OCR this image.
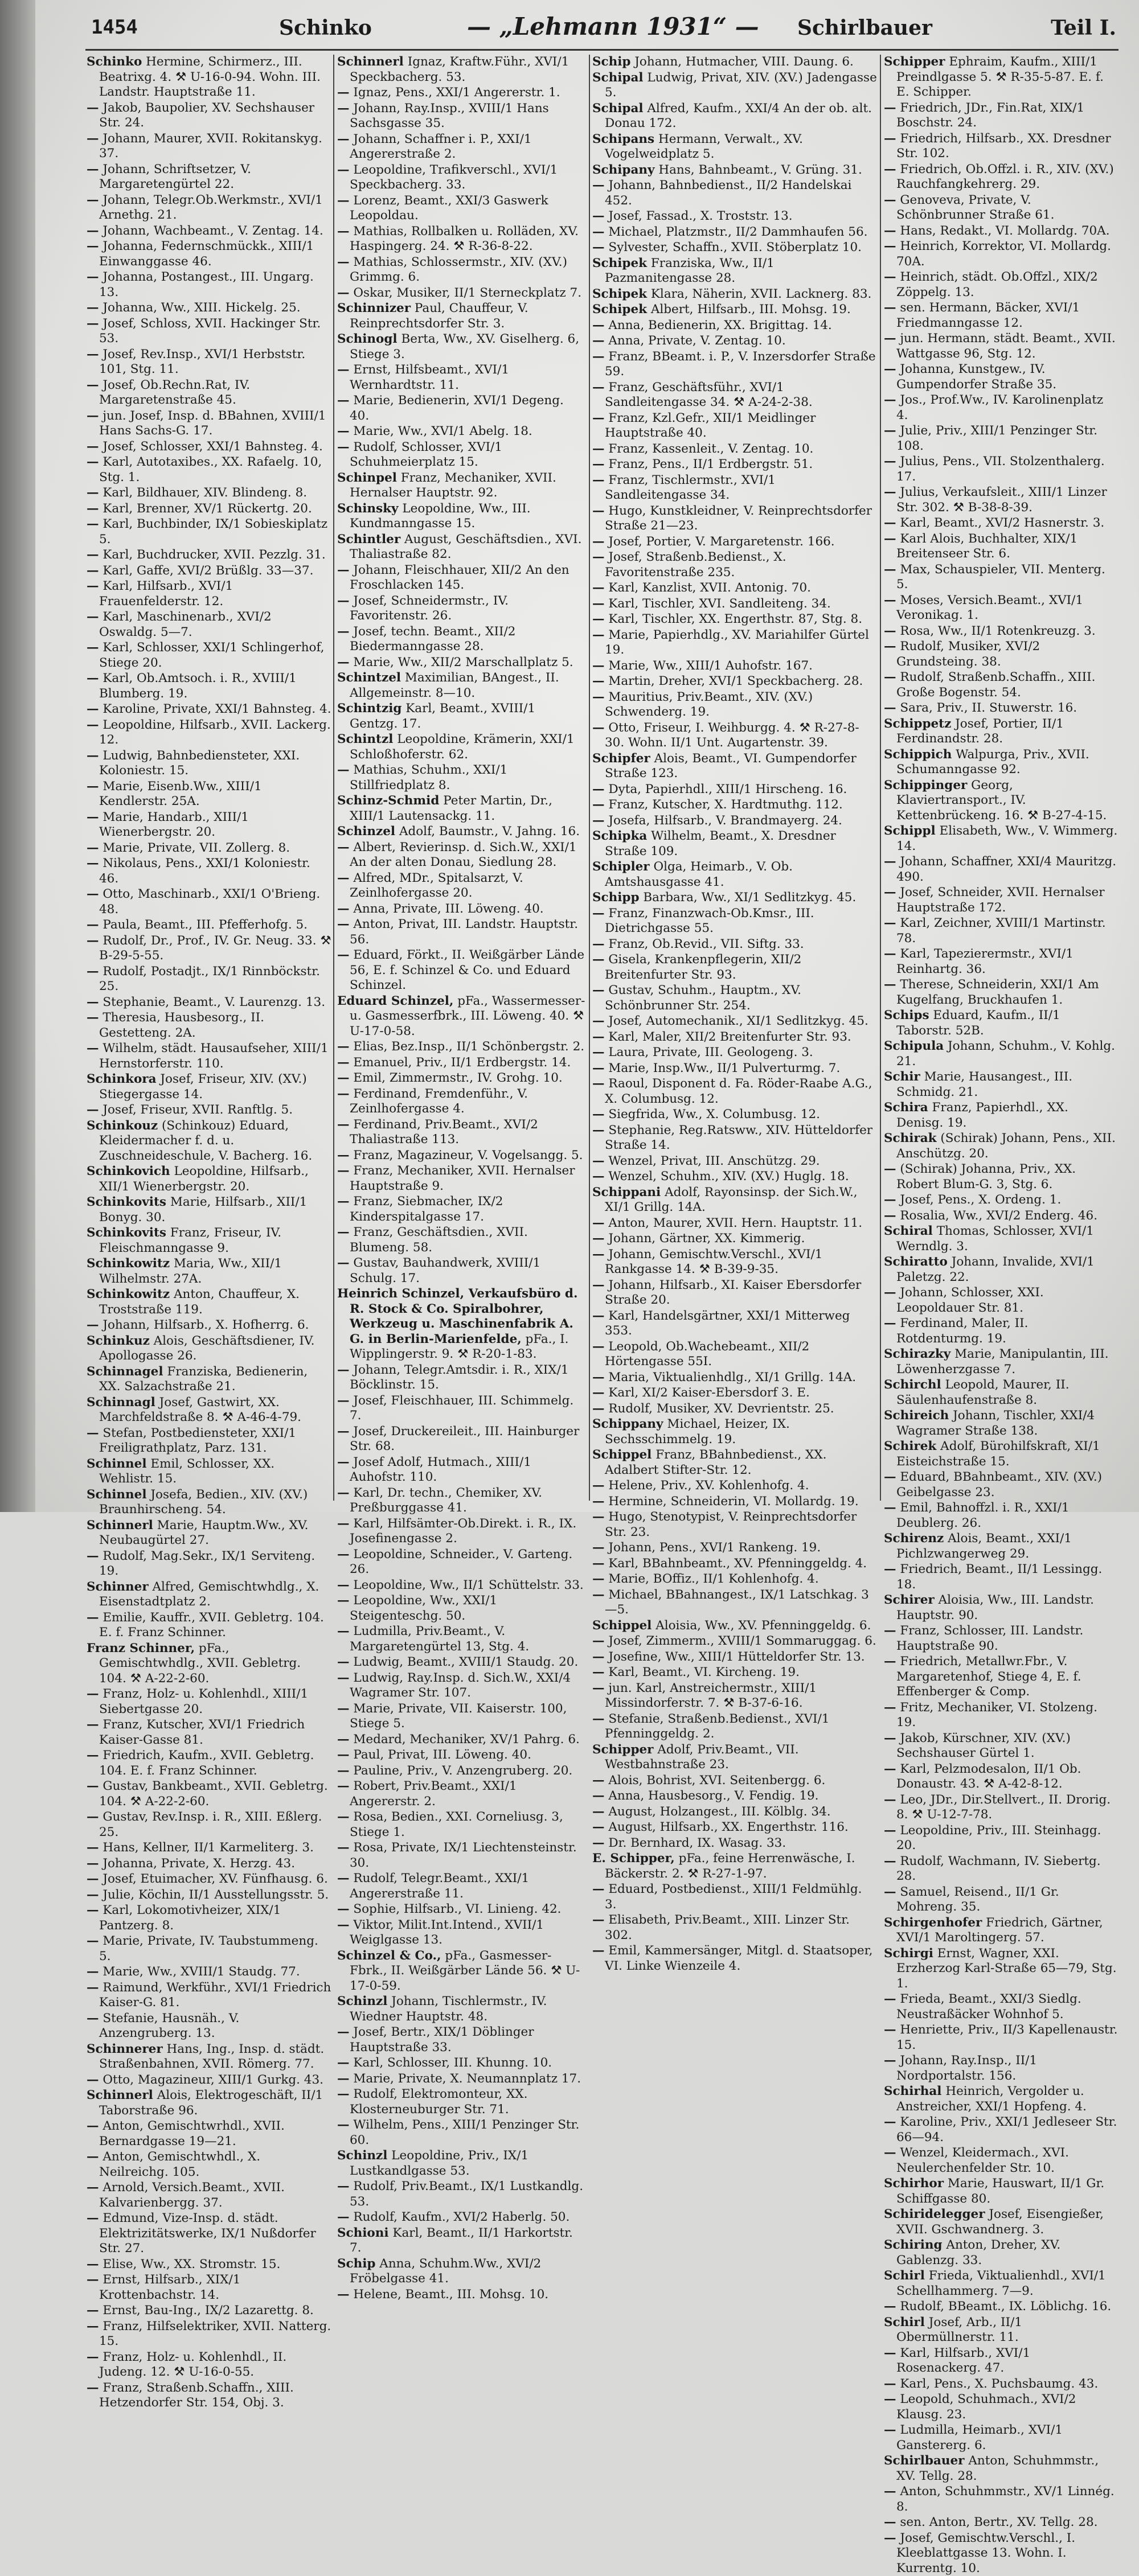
1454	Schinko	— „Lehmann 1931“ — Schirlbauer	Teil I.
Schinko Hermine, Schirmerz., III. Beatrixg. 4. ⚒ U-16-0-94. Wohn. III. Landstr. Hauptstraße 11.
— Jakob, Baupolier, XV. Sechshauser Str. 24.
— Johann, Maurer, XVII. Rokitanskyg. 37.
— Johann, Schriftsetzer, V. Margaretengürtel 22.
— Johann, Telegr.Ob.Werkmstr., XVI/1 Arnethg. 21.
— Johann, Wachbeamt., V. Zentag. 14.
— Johanna, Federnschmückk., XIII/1 Einwanggasse 46.
— Johanna, Postangest., III. Ungarg. 13.
— Johanna, Ww., XIII. Hickelg. 25.
— Josef, Schloss, XVII. Hackinger Str. 53.
— Josef, Rev.Insp., XVI/1 Herbststr. 101, Stg. 11.
— Josef, Ob.Rechn.Rat, IV. Margaretenstraße 45.
— jun. Josef, Insp. d. BBahnen, XVIII/1 Hans Sachs-G. 17.
— Josef, Schlosser, XXI/1 Bahnsteg. 4.
— Karl, Autotaxibes., XX. Rafaelg. 10, Stg. 1.
— Karl, Bildhauer, XIV. Blindeng. 8.
— Karl, Brenner, XV/1 Rückertg. 20.
— Karl, Buchbinder, IX/1 Sobieskiplatz 5.
— Karl, Buchdrucker, XVII. Pezzlg. 31.
— Karl, Gaffe, XVI/2 Brüßlg. 33—37.
— Karl, Hilfsarb., XVI/1 Frauenfelderstr. 12.
— Karl, Maschinenarb., XVI/2 Oswaldg. 5—7.
— Karl, Schlosser, XXI/1 Schlingerhof, Stiege 20.
— Karl, Ob.Amtsoch. i. R., XVIII/1 Blumberg. 19.
— Karoline, Private, XXI/1 Bahnsteg. 4.
— Leopoldine, Hilfsarb., XVII. Lackerg. 12.
— Ludwig, Bahnbediensteter, XXI. Koloniestr. 15.
— Marie, Eisenb.Ww., XIII/1 Kendlerstr. 25A.
— Marie, Handarb., XIII/1 Wienerbergstr. 20.
— Marie, Private, VII. Zollerg. 8.
— Nikolaus, Pens., XXI/1 Koloniestr. 46.
— Otto, Maschinarb., XXI/1 O'Brieng. 48.
— Paula, Beamt., III. Pfefferhofg. 5.
— Rudolf, Dr., Prof., IV. Gr. Neug. 33. ⚒ B-29-5-55.
— Rudolf, Postadjt., IX/1 Rinnböckstr. 25.
— Stephanie, Beamt., V. Laurenzg. 13.
— Theresia, Hausbesorg., II. Gestetteng. 2A.
— Wilhelm, städt. Hausaufseher, XIII/1 Hernstorferstr. 110.
Schinkora Josef, Friseur, XIV. (XV.) Stiegergasse 14.
— Josef, Friseur, XVII. Ranftlg. 5.
Schinkouz (Schinkouz) Eduard, Kleidermacher f. d. u. Zuschneideschule, V. Bacherg. 16.
Schinkovich Leopoldine, Hilfsarb., XII/1 Wienerbergstr. 20.
Schinkovits Marie, Hilfsarb., XII/1 Bonyg. 30.
Schinkovits Franz, Friseur, IV. Fleischmanngasse 9.
Schinkowitz Maria, Ww., XII/1 Wilhelmstr. 27A.
Schinkowitz Anton, Chauffeur, X. Troststraße 119.
— Johann, Hilfsarb., X. Hofherrg. 6.
Schinkuz Alois, Geschäftsdiener, IV. Apollogasse 26.
Schinnagel Franziska, Bedienerin, XX. Salzachstraße 21.
Schinnagl Josef, Gastwirt, XX. Marchfeldstraße 8. ⚒ A-46-4-79.
— Stefan, Postbediensteter, XXI/1 Freiligrathplatz, Parz. 131.
Schinnel Emil, Schlosser, XX. Wehlistr. 15.
Schinnel Josefa, Bedien., XIV. (XV.) Braunhirscheng. 54.
Schinnerl Marie, Hauptm.Ww., XV. Neubaugürtel 27.
— Rudolf, Mag.Sekr., IX/1 Serviteng. 19.
Schinner Alfred, Gemischtwhdlg., X. Eisenstadtplatz 2.
— Emilie, Kauffr., XVII. Gebletrg. 104. E. f. Franz Schinner.
Franz Schinner, pFa., Gemischtwhdlg., XVII. Gebletrg. 104. ⚒ A-22-2-60.
— Franz, Holz- u. Kohlenhdl., XIII/1 Siebertgasse 20.
— Franz, Kutscher, XVI/1 Friedrich Kaiser-Gasse 81.
— Friedrich, Kaufm., XVII. Gebletrg. 104. E. f. Franz Schinner.
— Gustav, Bankbeamt., XVII. Gebletrg. 104. ⚒ A-22-2-60.
— Gustav, Rev.Insp. i. R., XIII. Eßlerg. 25.
— Hans, Kellner, II/1 Karmeliterg. 3.
— Johanna, Private, X. Herzg. 43.
— Josef, Etuimacher, XV. Fünfhausg. 6.
— Julie, Köchin, II/1 Ausstellungsstr. 5.
— Karl, Lokomotivheizer, XIX/1 Pantzerg. 8.
— Marie, Private, IV. Taubstummeng. 5.
— Marie, Ww., XVIII/1 Staudg. 77.
— Raimund, Werkführ., XVI/1 Friedrich Kaiser-G. 81.
— Stefanie, Hausnäh., V. Anzengruberg. 13.
Schinnerer Hans, Ing., Insp. d. städt. Straßenbahnen, XVII. Römerg. 77.
— Otto, Magazineur, XIII/1 Gurkg. 43.
Schinnerl Alois, Elektrogeschäft, II/1 Taborstraße 96.
— Anton, Gemischtwrhdl., XVII. Bernardgasse 19—21.
— Anton, Gemischtwhdl., X. Neilreichg. 105.
— Arnold, Versich.Beamt., XVII. Kalvarienbergg. 37.
— Edmund, Vize-Insp. d. städt. Elektrizitätswerke, IX/1 Nußdorfer Str. 27.
— Elise, Ww., XX. Stromstr. 15.
— Ernst, Hilfsarb., XIX/1 Krottenbachstr. 14.
— Ernst, Bau-Ing., IX/2 Lazarettg. 8.
— Franz, Hilfselektriker, XVII. Natterg. 15.
— Franz, Holz- u. Kohlenhdl., II. Judeng. 12. ⚒ U-16-0-55.
— Franz, Straßenb.Schaffn., XIII. Hetzendorfer Str. 154, Obj. 3.
Schinnerl Ignaz, Kraftw.Führ., XVI/1 Speckbacherg. 53.
— Ignaz, Pens., XXI/1 Angererstr. 1.
— Johann, Ray.Insp., XVIII/1 Hans Sachsgasse 35.
— Johann, Schaffner i. P., XXI/1 Angererstraße 2.
— Leopoldine, Trafikverschl., XVI/1 Speckbacherg. 33.
— Lorenz, Beamt., XXI/3 Gaswerk Leopoldau.
— Mathias, Rollbalken u. Rolläden, XV. Haspingerg. 24. ⚒ R-36-8-22.
— Mathias, Schlossermstr., XIV. (XV.) Grimmg. 6.
— Oskar, Musiker, II/1 Sterneckplatz 7.
Schinnizer Paul, Chauffeur, V. Reinprechtsdorfer Str. 3.
Schinogl Berta, Ww., XV. Giselherg. 6, Stiege 3.
— Ernst, Hilfsbeamt., XVI/1 Wernhardtstr. 11.
— Marie, Bedienerin, XVI/1 Degeng. 40.
— Marie, Ww., XVI/1 Abelg. 18.
— Rudolf, Schlosser, XVI/1 Schuhmeierplatz 15.
Schinpel Franz, Mechaniker, XVII. Hernalser Hauptstr. 92.
Schinsky Leopoldine, Ww., III. Kundmanngasse 15.
Schintler August, Geschäftsdien., XVI. Thaliastraße 82.
— Johann, Fleischhauer, XII/2 An den Froschlacken 145.
— Josef, Schneidermstr., IV. Favoritenstr. 26.
— Josef, techn. Beamt., XII/2 Biedermanngasse 28.
— Marie, Ww., XII/2 Marschallplatz 5.
Schintzel Maximilian, BAngest., II. Allgemeinstr. 8—10.
Schintzig Karl, Beamt., XVIII/1 Gentzg. 17.
Schintzl Leopoldine, Krämerin, XXI/1 Schloßhoferstr. 62.
— Mathias, Schuhm., XXI/1 Stillfriedplatz 8.
Schinz-Schmid Peter Martin, Dr., XIII/1 Lautensackg. 11.
Schinzel Adolf, Baumstr., V. Jahng. 16.
— Albert, Revierinsp. d. Sich.W., XXI/1 An der alten Donau, Siedlung 28.
— Alfred, MDr., Spitalsarzt, V. Zeinlhofergasse 20.
— Anna, Private, III. Löweng. 40.
— Anton, Privat, III. Landstr. Hauptstr. 56.
— Eduard, Förkt., II. Weißgärber Lände 56, E. f. Schinzel & Co. und Eduard Schinzel.
Eduard Schinzel, pFa., Wassermesser- u. Gasmesserfbrk., III. Löweng. 40. ⚒ U-17-0-58.
— Elias, Bez.Insp., II/1 Schönbergstr. 2.
— Emanuel, Priv., II/1 Erdbergstr. 14.
— Emil, Zimmermstr., IV. Grohg. 10.
— Ferdinand, Fremdenführ., V. Zeinlhofergasse 4.
— Ferdinand, Priv.Beamt., XVI/2 Thaliastraße 113.
— Franz, Magazineur, V. Vogelsangg. 5.
— Franz, Mechaniker, XVII. Hernalser Hauptstraße 9.
— Franz, Siebmacher, IX/2 Kinderspitalgasse 17.
— Franz, Geschäftsdien., XVII. Blumeng. 58.
— Gustav, Bauhandwerk, XVIII/1 Schulg. 17.
Heinrich Schinzel, Verkaufsbüro d. R. Stock & Co. Spiralbohrer, Werkzeug u. Maschinenfabrik A. G. in Berlin-Marienfelde, pFa., I. Wipplingerstr. 9. ⚒ R-20-1-83.
— Johann, Telegr.Amtsdir. i. R., XIX/1 Böcklinstr. 15.
— Josef, Fleischhauer, III. Schimmelg. 7.
— Josef, Druckereileit., III. Hainburger Str. 68.
— Josef Adolf, Hutmach., XIII/1 Auhofstr. 110.
— Karl, Dr. techn., Chemiker, XV. Preßburggasse 41.
— Karl, Hilfsämter-Ob.Direkt. i. R., IX. Josefinengasse 2.
— Leopoldine, Schneider., V. Garteng. 26.
— Leopoldine, Ww., II/1 Schüttelstr. 33.
— Leopoldine, Ww., XXI/1 Steigenteschg. 50.
— Ludmilla, Priv.Beamt., V. Margaretengürtel 13, Stg. 4.
— Ludwig, Beamt., XVIII/1 Staudg. 20.
— Ludwig, Ray.Insp. d. Sich.W., XXI/4 Wagramer Str. 107.
— Marie, Private, VII. Kaiserstr. 100, Stiege 5.
— Medard, Mechaniker, XV/1 Pahrg. 6.
— Paul, Privat, III. Löweng. 40.
— Pauline, Priv., V. Anzengruberg. 20.
— Robert, Priv.Beamt., XXI/1 Angererstr. 2.
— Rosa, Bedien., XXI. Corneliusg. 3, Stiege 1.
— Rosa, Private, IX/1 Liechtensteinstr. 30.
— Rudolf, Telegr.Beamt., XXI/1 Angererstraße 11.
— Sophie, Hilfsarb., VI. Linieng. 42.
— Viktor, Milit.Int.Intend., XVII/1 Weiglgasse 13.
Schinzel & Co., pFa., Gasmesser-Fbrk., II. Weißgärber Lände 56. ⚒ U-17-0-59.
Schinzl Johann, Tischlermstr., IV. Wiedner Hauptstr. 48.
— Josef, Bertr., XIX/1 Döblinger Hauptstraße 33.
— Karl, Schlosser, III. Khunng. 10.
— Marie, Private, X. Neumannplatz 17.
— Rudolf, Elektromonteur, XX. Klosterneuburger Str. 71.
— Wilhelm, Pens., XIII/1 Penzinger Str. 60.
Schinzl Leopoldine, Priv., IX/1 Lustkandlgasse 53.
— Rudolf, Priv.Beamt., IX/1 Lustkandlg. 53.
— Rudolf, Kaufm., XVI/2 Haberlg. 50.
Schioni Karl, Beamt., II/1 Harkortstr. 7.
Schip Anna, Schuhm.Ww., XVI/2 Fröbelgasse 41.
— Helene, Beamt., III. Mohsg. 10.
Schip Johann, Hutmacher, VIII. Daung. 6.
Schipal Ludwig, Privat, XIV. (XV.) Jadengasse 5.
Schipal Alfred, Kaufm., XXI/4 An der ob. alt. Donau 172.
Schipans Hermann, Verwalt., XV. Vogelweidplatz 5.
Schipany Hans, Bahnbeamt., V. Grüng. 31.
— Johann, Bahnbedienst., II/2 Handelskai 452.
— Josef, Fassad., X. Troststr. 13.
— Michael, Platzmstr., II/2 Dammhaufen 56.
— Sylvester, Schaffn., XVII. Stöberplatz 10.
Schipek Franziska, Ww., II/1 Pazmanitengasse 28.
Schipek Klara, Näherin, XVII. Lacknerg. 83.
Schipek Albert, Hilfsarb., III. Mohsg. 19.
— Anna, Bedienerin, XX. Brigittag. 14.
— Anna, Private, V. Zentag. 10.
— Franz, BBeamt. i. P., V. Inzersdorfer Straße 59.
— Franz, Geschäftsführ., XVI/1 Sandleitengasse 34. ⚒ A-24-2-38.
— Franz, Kzl.Gefr., XII/1 Meidlinger Hauptstraße 40.
— Franz, Kassenleit., V. Zentag. 10.
— Franz, Pens., II/1 Erdbergstr. 51.
— Franz, Tischlermstr., XVI/1 Sandleitengasse 34.
— Hugo, Kunstkleidner, V. Reinprechtsdorfer Straße 21—23.
— Josef, Portier, V. Margaretenstr. 166.
— Josef, Straßenb.Bedienst., X. Favoritenstraße 235.
— Karl, Kanzlist, XVII. Antonig. 70.
— Karl, Tischler, XVI. Sandleiteng. 34.
— Karl, Tischler, XX. Engerthstr. 87, Stg. 8.
— Marie, Papierhdlg., XV. Mariahilfer Gürtel 19.
— Marie, Ww., XIII/1 Auhofstr. 167.
— Martin, Dreher, XVI/1 Speckbacherg. 28.
— Mauritius, Priv.Beamt., XIV. (XV.) Schwenderg. 19.
— Otto, Friseur, I. Weihburgg. 4. ⚒ R-27-8-30. Wohn. II/1 Unt. Augartenstr. 39.
Schipfer Alois, Beamt., VI. Gumpendorfer Straße 123.
— Dyta, Papierhdl., XIII/1 Hirscheng. 16.
— Franz, Kutscher, X. Hardtmuthg. 112.
— Josefa, Hilfsarb., V. Brandmayerg. 24.
Schipka Wilhelm, Beamt., X. Dresdner Straße 109.
Schipler Olga, Heimarb., V. Ob. Amtshausgasse 41.
Schipp Barbara, Ww., XI/1 Sedlitzkyg. 45.
— Franz, Finanzwach-Ob.Kmsr., III. Dietrichgasse 55.
— Franz, Ob.Revid., VII. Siftg. 33.
— Gisela, Krankenpflegerin, XII/2 Breitenfurter Str. 93.
— Gustav, Schuhm., Hauptm., XV. Schönbrunner Str. 254.
— Josef, Automechanik., XI/1 Sedlitzkyg. 45.
— Karl, Maler, XII/2 Breitenfurter Str. 93.
— Laura, Private, III. Geologeng. 3.
— Marie, Insp.Ww., II/1 Pulverturmg. 7.
— Raoul, Disponent d. Fa. Röder-Raabe A.G., X. Columbusg. 12.
— Siegfrida, Ww., X. Columbusg. 12.
— Stephanie, Reg.Ratsww., XIV. Hütteldorfer Straße 14.
— Wenzel, Privat, III. Anschützg. 29.
— Wenzel, Schuhm., XIV. (XV.) Huglg. 18.
Schippani Adolf, Rayonsinsp. der Sich.W., XI/1 Grillg. 14A.
— Anton, Maurer, XVII. Hern. Hauptstr. 11.
— Johann, Gärtner, XX. Kimmerig.
— Johann, Gemischtw.Verschl., XVI/1 Rankgasse 14. ⚒ B-39-9-35.
— Johann, Hilfsarb., XI. Kaiser Ebersdorfer Straße 20.
— Karl, Handelsgärtner, XXI/1 Mitterweg 353.
— Leopold, Ob.Wachebeamt., XII/2 Hörtengasse 55I.
— Maria, Viktualienhdlg., XI/1 Grillg. 14A.
— Karl, XI/2 Kaiser-Ebersdorf 3. E.
— Rudolf, Musiker, XV. Devrientstr. 25.
Schippany Michael, Heizer, IX. Sechsschimmelg. 19.
Schippel Franz, BBahnbedienst., XX. Adalbert Stifter-Str. 12.
— Helene, Priv., XV. Kohlenhofg. 4.
— Hermine, Schneiderin, VI. Mollardg. 19.
— Hugo, Stenotypist, V. Reinprechtsdorfer Str. 23.
— Johann, Pens., XVI/1 Rankeng. 19.
— Karl, BBahnbeamt., XV. Pfenninggeldg. 4.
— Marie, BOffiz., II/1 Kohlenhofg. 4.
— Michael, BBahnangest., IX/1 Latschkag. 3—5.
Schippel Aloisia, Ww., XV. Pfenninggeldg. 6.
— Josef, Zimmerm., XVIII/1 Sommaruggag. 6.
— Josefine, Ww., XIII/1 Hütteldorfer Str. 13.
— Karl, Beamt., VI. Kircheng. 19.
— jun. Karl, Anstreichermstr., XIII/1 Missindorferstr. 7. ⚒ B-37-6-16.
— Stefanie, Straßenb.Bedienst., XVI/1 Pfenninggeldg. 2.
Schipper Adolf, Priv.Beamt., VII. Westbahnstraße 23.
— Alois, Bohrist, XVI. Seitenbergg. 6.
— Anna, Hausbesorg., V. Fendig. 19.
— August, Holzangest., III. Kölblg. 34.
— August, Hilfsarb., XX. Engerthstr. 116.
— Dr. Bernhard, IX. Wasag. 33.
E. Schipper, pFa., feine Herrenwäsche, I. Bäckerstr. 2. ⚒ R-27-1-97.
— Eduard, Postbedienst., XIII/1 Feldmühlg. 3.
— Elisabeth, Priv.Beamt., XIII. Linzer Str. 302.
— Emil, Kammersänger, Mitgl. d. Staatsoper, VI. Linke Wienzeile 4.
Schipper Ephraim, Kaufm., XIII/1 Preindlgasse 5. ⚒ R-35-5-87. E. f. E. Schipper.
— Friedrich, JDr., Fin.Rat, XIX/1 Boschstr. 24.
— Friedrich, Hilfsarb., XX. Dresdner Str. 102.
— Friedrich, Ob.Offzl. i. R., XIV. (XV.) Rauchfangkehrerg. 29.
— Genoveva, Private, V. Schönbrunner Straße 61.
— Hans, Redakt., VI. Mollardg. 70A.
— Heinrich, Korrektor, VI. Mollardg. 70A.
— Heinrich, städt. Ob.Offzl., XIX/2 Zöppelg. 13.
— sen. Hermann, Bäcker, XVI/1 Friedmanngasse 12.
— jun. Hermann, städt. Beamt., XVII. Wattgasse 96, Stg. 12.
— Johanna, Kunstgew., IV. Gumpendorfer Straße 35.
— Jos., Prof.Ww., IV. Karolinenplatz 4.
— Julie, Priv., XIII/1 Penzinger Str. 108.
— Julius, Pens., VII. Stolzenthalerg. 17.
— Julius, Verkaufsleit., XIII/1 Linzer Str. 302. ⚒ B-38-8-39.
— Karl, Beamt., XVI/2 Hasnerstr. 3.
— Karl Alois, Buchhalter, XIX/1 Breitenseer Str. 6.
— Max, Schauspieler, VII. Menterg. 5.
— Moses, Versich.Beamt., XVI/1 Veronikag. 1.
— Rosa, Ww., II/1 Rotenkreuzg. 3.
— Rudolf, Musiker, XVI/2 Grundsteing. 38.
— Rudolf, Straßenb.Schaffn., XIII. Große Bogenstr. 54.
— Sara, Priv., II. Stuwerstr. 16.
Schippetz Josef, Portier, II/1 Ferdinandstr. 28.
Schippich Walpurga, Priv., XVII. Schumanngasse 92.
Schippinger Georg, Klaviertransport., IV. Kettenbrückeng. 16. ⚒ B-27-4-15.
Schippl Elisabeth, Ww., V. Wimmerg. 14.
— Johann, Schaffner, XXI/4 Mauritzg. 490.
— Josef, Schneider, XVII. Hernalser Hauptstraße 172.
— Karl, Zeichner, XVIII/1 Martinstr. 78.
— Karl, Tapezierermstr., XVI/1 Reinhartg. 36.
— Therese, Schneiderin, XXI/1 Am Kugelfang, Bruckhaufen 1.
Schips Eduard, Kaufm., II/1 Taborstr. 52B.
Schipula Johann, Schuhm., V. Kohlg. 21.
Schir Marie, Hausangest., III. Schmidg. 21.
Schira Franz, Papierhdl., XX. Denisg. 19.
Schirak (Schirak) Johann, Pens., XII. Anschützg. 20.
— (Schirak) Johanna, Priv., XX. Robert Blum-G. 3, Stg. 6.
— Josef, Pens., X. Ordeng. 1.
— Rosalia, Ww., XVI/2 Enderg. 46.
Schiral Thomas, Schlosser, XVI/1 Werndlg. 3.
Schiratto Johann, Invalide, XVI/1 Paletzg. 22.
— Johann, Schlosser, XXI. Leopoldauer Str. 81.
— Ferdinand, Maler, II. Rotdenturmg. 19.
Schirazky Marie, Manipulantin, III. Löwenherzgasse 7.
Schirchl Leopold, Maurer, II. Säulenhaufenstraße 8.
Schireich Johann, Tischler, XXI/4 Wagramer Straße 138.
Schirek Adolf, Bürohilfskraft, XI/1 Eisteichstraße 15.
— Eduard, BBahnbeamt., XIV. (XV.) Geibelgasse 23.
— Emil, Bahnoffzl. i. R., XXI/1 Deublerg. 26.
Schirenz Alois, Beamt., XXI/1 Pichlzwangerweg 29.
— Friedrich, Beamt., II/1 Lessingg. 18.
Schirer Aloisia, Ww., III. Landstr. Hauptstr. 90.
— Franz, Schlosser, III. Landstr. Hauptstraße 90.
— Friedrich, Metallwr.Fbr., V. Margaretenhof, Stiege 4, E. f. Effenberger & Comp.
— Fritz, Mechaniker, VI. Stolzeng. 19.
— Jakob, Kürschner, XIV. (XV.) Sechshauser Gürtel 1.
— Karl, Pelzmodesalon, II/1 Ob. Donaustr. 43. ⚒ A-42-8-12.
— Leo, JDr., Dir.Stellvert., II. Drorig. 8. ⚒ U-12-7-78.
— Leopoldine, Priv., III. Steinhagg. 20.
— Rudolf, Wachmann, IV. Siebertg. 28.
— Samuel, Reisend., II/1 Gr. Mohreng. 35.
Schirgenhofer Friedrich, Gärtner, XVI/1 Maroltingerg. 57.
Schirgi Ernst, Wagner, XXI. Erzherzog Karl-Straße 65—79, Stg. 1.
— Frieda, Beamt., XXI/3 Siedlg. Neustraßäcker Wohnhof 5.
— Henriette, Priv., II/3 Kapellenaustr. 15.
— Johann, Ray.Insp., II/1 Nordportalstr. 156.
Schirhal Heinrich, Vergolder u. Anstreicher, XXI/1 Hopfeng. 4.
— Karoline, Priv., XXI/1 Jedleseer Str. 66—94.
— Wenzel, Kleidermach., XVI. Neulerchenfelder Str. 10.
Schirhor Marie, Hauswart, II/1 Gr. Schiffgasse 80.
Schiridelegger Josef, Eisengießer, XVII. Gschwandnerg. 3.
Schiring Anton, Dreher, XV. Gablenzg. 33.
Schirl Frieda, Viktualienhdl., XVI/1 Schellhammerg. 7—9.
— Rudolf, BBeamt., IX. Löblichg. 16.
Schirl Josef, Arb., II/1 Obermüllnerstr. 11.
— Karl, Hilfsarb., XVI/1 Rosenackerg. 47.
— Karl, Pens., X. Puchsbaumg. 43.
— Leopold, Schuhmach., XVI/2 Klausg. 23.
— Ludmilla, Heimarb., XVI/1 Ganstererg. 6.
Schirlbauer Anton, Schuhmmstr., XV. Tellg. 28.
— Anton, Schuhmmstr., XV/1 Linnég. 8.
— sen. Anton, Bertr., XV. Tellg. 28.
— Josef, Gemischtw.Verschl., I. Kleeblattgasse 13. Wohn. I. Kurrentg. 10.
